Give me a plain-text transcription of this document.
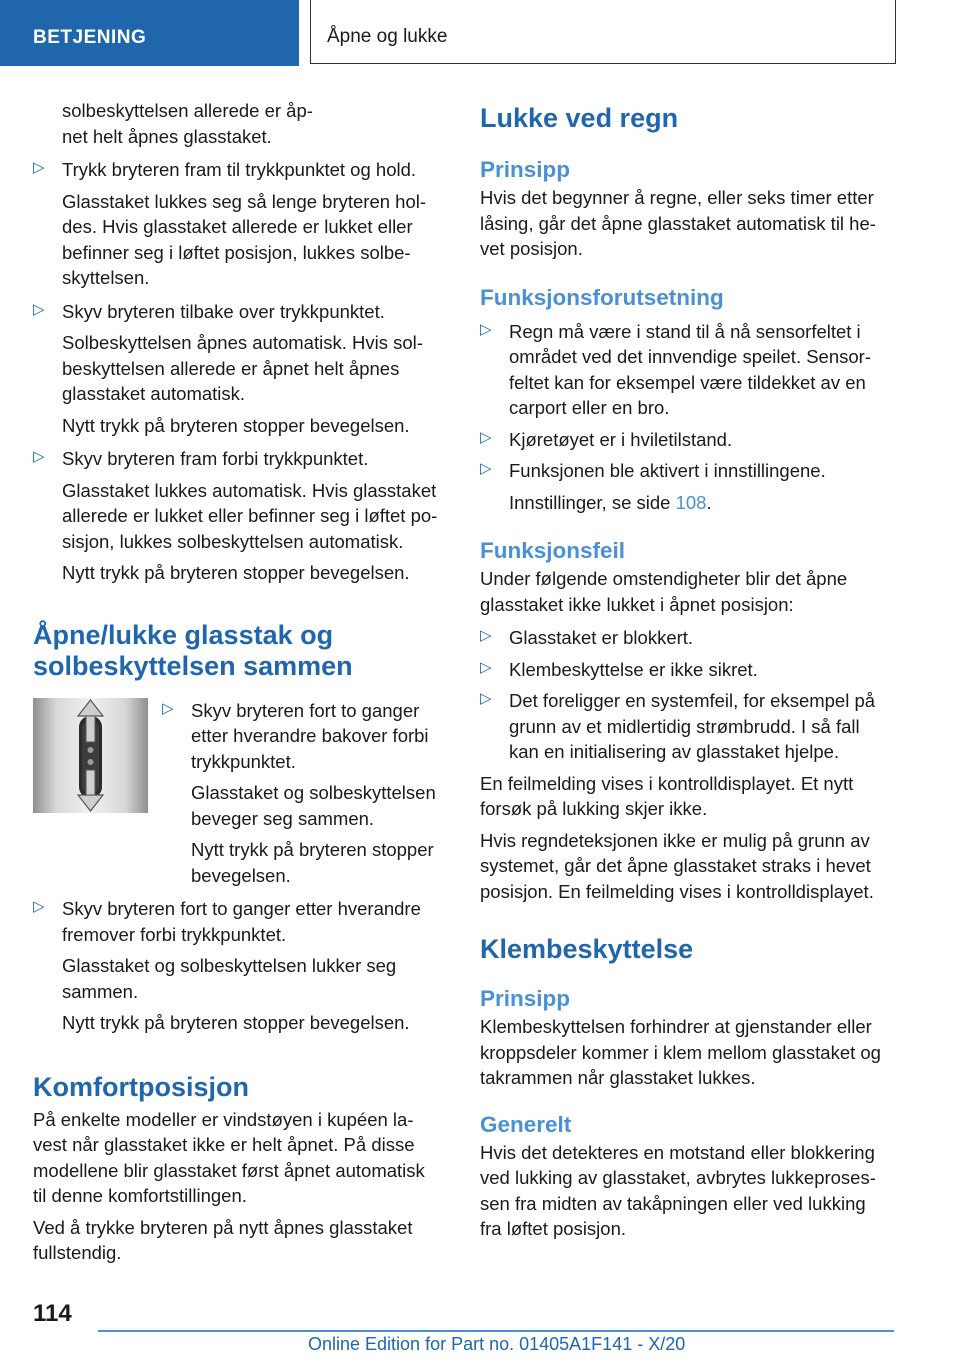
BETJENING	Åpne og lukke

solbeskyttelsen allerede er åp-
net helt åpnes glasstaket.

▷ Trykk bryteren fram til trykkpunktet og hold.

Glasstaket lukkes seg så lenge bryteren hol-
des. Hvis glasstaket allerede er lukket eller
befinner seg i løftet posisjon, lukkes solbe-
skyttelsen.

▷ Skyv bryteren tilbake over trykkpunktet.

Solbeskyttelsen åpnes automatisk. Hvis sol-
beskyttelsen allerede er åpnet helt åpnes
glasstaket automatisk.

Nytt trykk på bryteren stopper bevegelsen.

▷ Skyv bryteren fram forbi trykkpunktet.

Glasstaket lukkes automatisk. Hvis glasstaket
allerede er lukket eller befinner seg i løftet po-
sisjon, lukkes solbeskyttelsen automatisk.

Nytt trykk på bryteren stopper bevegelsen.

Åpne/lukke glasstak og
solbeskyttelsen sammen
▷ Skyv bryteren fort to ganger
etter hverandre bakover forbi
trykkpunktet.

Glasstaket og solbeskyttelsen
beveger seg sammen.

Nytt trykk på bryteren stopper
bevegelsen.

▷ Skyv bryteren fort to ganger etter hverandre
fremover forbi trykkpunktet.

Glasstaket og solbeskyttelsen lukker seg
sammen.

Nytt trykk på bryteren stopper bevegelsen.

Komfortposisjon

På enkelte modeller er vindstøyen i kupéen la-
vest når glasstaket ikke er helt åpnet. På disse
modellene blir glasstaket først åpnet automatisk
til denne komfortstillingen.

Ved å trykke bryteren på nytt åpnes glasstaket
fullstendig.

Lukke ved regn
Prinsipp

Hvis det begynner å regne, eller seks timer etter
låsing, går det åpne glasstaket automatisk til he-
vet posisjon.

Funksjonsforutsetning
▷ Regn må være i stand til å nå sensorfeltet i
området ved det innvendige speilet. Sensor-
feltet kan for eksempel være tildekket av en
carport eller en bro.

▷ Kjøretøyet er i hviletilstand.

▷ Funksjonen ble aktivert i innstillingene.

Innstillinger, se side 108.

Funksjonsfeil

Under følgende omstendigheter blir det åpne
glasstaket ikke lukket i åpnet posisjon:

▷ Glasstaket er blokkert.

▷ Klembeskyttelse er ikke sikret.

▷ Det foreligger en systemfeil, for eksempel på
grunn av et midlertidig strømbrudd. I så fall
kan en initialisering av glasstaket hjelpe.

En feilmelding vises i kontrolldisplayet. Et nytt
forsøk på lukking skjer ikke.

Hvis regndeteksjonen ikke er mulig på grunn av
systemet, går det åpne glasstaket straks i hevet
posisjon. En feilmelding vises i kontrolldisplayet.

Klembeskyttelse
Prinsipp

Klembeskyttelsen forhindrer at gjenstander eller
kroppsdeler kommer i klem mellom glasstaket og
takrammen når glasstaket lukkes.

Generelt

Hvis det detekteres en motstand eller blokkering
ved lukking av glasstaket, avbrytes lukkeproses-
sen fra midten av takåpningen eller ved lukking
fra løftet posisjon.

114
Online Edition for Part no. 01405A1F141 - X/20
